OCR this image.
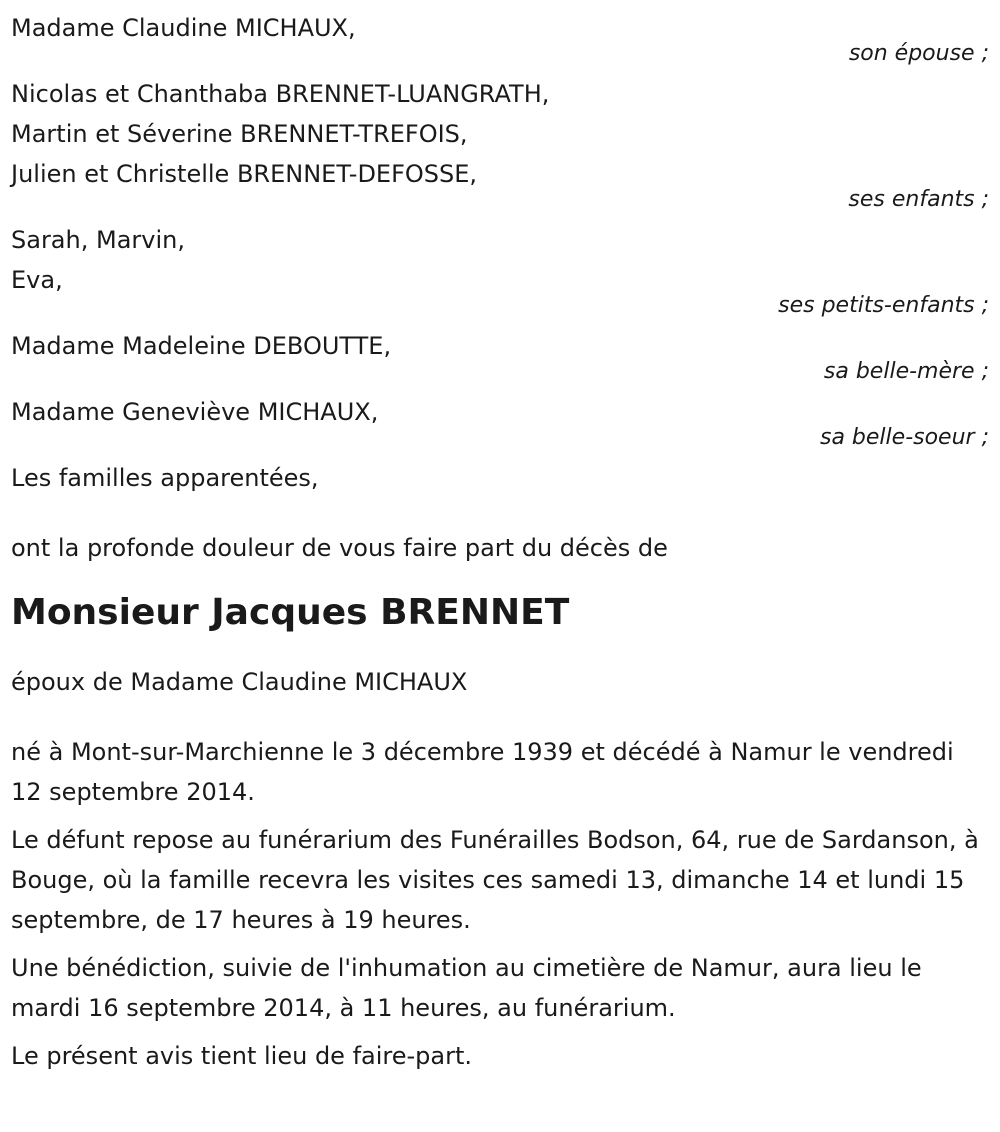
Madame Claudine MICHAUX,
son épouse ;
Nicolas et Chanthaba BRENNET-LUANGRATH,
Martin et Séverine BRENNET-TREFOIS,
Julien et Christelle BRENNET-DEFOSSE,
ses enfants ;
Sarah, Marvin,
Eva,
ses petits-enfants ;
Madame Madeleine DEBOUTTE,
sa belle-mère ;
Madame Geneviève MICHAUX,
sa belle-soeur ;
Les familles apparentées,
ont la profonde douleur de vous faire part du décès de
Monsieur Jacques BRENNET
époux de Madame Claudine MICHAUX

né à Mont-sur-Marchienne le 3 décembre 1939 et décédé à Namur le vendredi 12 septembre 2014.

Le défunt repose au funérarium des Funérailles Bodson, 64, rue de Sardanson, à Bouge, où la famille recevra les visites ces samedi 13, dimanche 14 et lundi 15 septembre, de 17 heures à 19 heures.

Une bénédiction, suivie de l'inhumation au cimetière de Namur, aura lieu le mardi 16 septembre 2014, à 11 heures, au funérarium.

Le présent avis tient lieu de faire-part.
